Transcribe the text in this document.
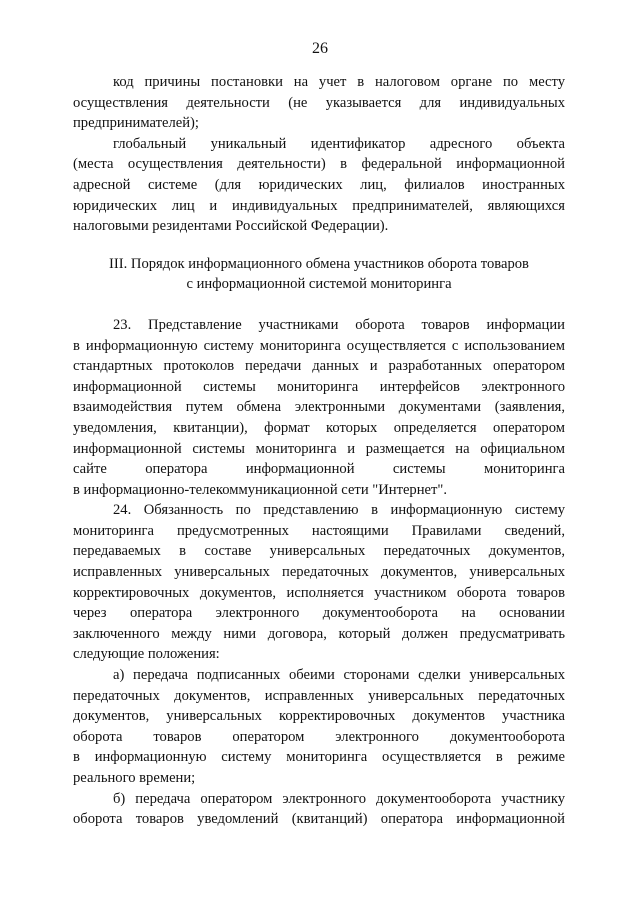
26

код причины постановки на учет в налоговом органе по месту
осуществления деятельности (не указывается для индивидуальных
предпринимателей);

глобальный уникальный идентификатор адресного объекта
(места осуществления деятельности) в федеральной информационной
адресной системе (для юридических лиц, филиалов иностранных
юридических лиц и индивидуальных предпринимателей, являющихся
налоговыми резидентами Российской Федерации).

III. Порядок информационного обмена участников оборота товаров
с информационной системой мониторинга

23. Представление участниками оборота товаров информации
в информационную систему мониторинга осуществляется с использованием
стандартных протоколов передачи данных и разработанных оператором
информационной системы мониторинга интерфейсов электронного
взаимодействия путем обмена электронными документами (заявления,
уведомления, квитанции), формат которых определяется оператором
информационной системы мониторинга и размещается на официальном
сайте оператора информационной системы мониторинга
в информационно-телекоммуникационной сети "Интернет".

24. Обязанность по представлению в информационную систему
мониторинга предусмотренных настоящими Правилами сведений,
передаваемых в составе универсальных передаточных документов,
исправленных универсальных передаточных документов, универсальных
корректировочных документов, исполняется участником оборота товаров
через оператора электронного документооборота на основании
заключенного между ними договора, который должен предусматривать
следующие положения:

а) передача подписанных обеими сторонами сделки универсальных
передаточных документов, исправленных универсальных передаточных
документов, универсальных корректировочных документов участника
оборота товаров оператором электронного документооборота
в информационную систему мониторинга осуществляется в режиме
реального времени;

б) передача оператором электронного документооборота участнику
оборота товаров уведомлений (квитанций) оператора информационной
